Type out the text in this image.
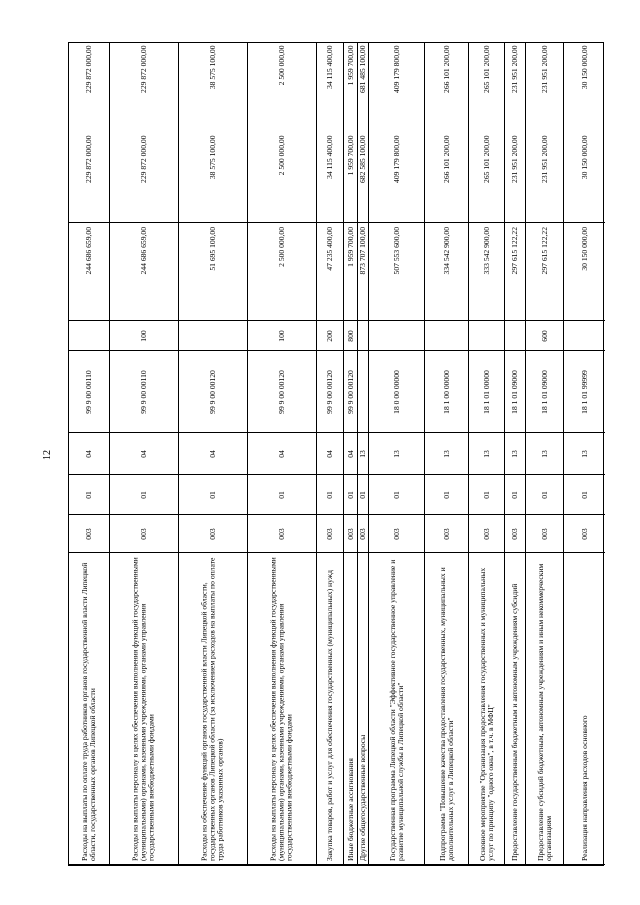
12
Расходы на выплаты по оплате труда работников органов государственной власти Липецкой области, государственных органов Липецкой области
003
01
04
99 9 00 00110
244 686 659,00
229 872 000,00
229 872 000,00
Расходы на выплаты персоналу в целях обеспечения выполнения функций государственными (муниципальными) органами, казенными учреждениями, органами управления государственными внебюджетными фондами
003
01
04
99 9 00 00110
100
244 686 659,00
229 872 000,00
229 872 000,00
Расходы на обеспечение функций органов государственной власти Липецкой области, государственных органов Липецкой области (за исключением расходов на выплаты по оплате труда работников указанных органов)
003
01
04
99 9 00 00120
51 695 100,00
38 575 100,00
38 575 100,00
Расходы на выплаты персоналу в целях обеспечения выполнения функций государственными (муниципальными) органами, казенными учреждениями, органами управления государственными внебюджетными фондами
003
01
04
99 9 00 00120
100
2 500 000,00
2 500 000,00
2 500 000,00
Закупка товаров, работ и услуг для обеспечения государственных (муниципальных) нужд
003
01
04
99 9 00 00120
200
47 235 400,00
34 115 400,00
34 115 400,00
Иные бюджетные ассигнования
003
01
04
99 9 00 00120
800
1 959 700,00
1 959 700,00
1 959 700,00
Другие общегосударственные вопросы
003
01
13
873 707 100,00
682 585 100,00
681 485 100,00
Государственная программа Липецкой области "Эффективное государственное управление и развитие муниципальной службы в Липецкой области"
003
01
13
18 0 00 00000
507 553 600,00
409 179 800,00
409 179 800,00
Подпрограмма "Повышение качества предоставления государственных, муниципальных и дополнительных услуг в Липецкой области"
003
01
13
18 1 00 00000
334 542 900,00
266 101 200,00
266 101 200,00
Основное мероприятие "Организация предоставления государственных и муниципальных услуг по принципу "одного окна", в т.ч. в МФЦ"
003
01
13
18 1 01 00000
333 542 900,00
265 101 200,00
265 101 200,00
Предоставление государственным бюджетным и автономным учреждениям субсидий
003
01
13
18 1 01 09000
297 615 122,22
231 951 200,00
231 951 200,00
Предоставление субсидий бюджетным, автономным учреждениям и иным некоммерческим организациям
003
01
13
18 1 01 09000
600
297 615 122,22
231 951 200,00
231 951 200,00
Реализация направления расходов основного
003
01
13
18 1 01 99999
30 150 000,00
30 150 000,00
30 150 000,00
